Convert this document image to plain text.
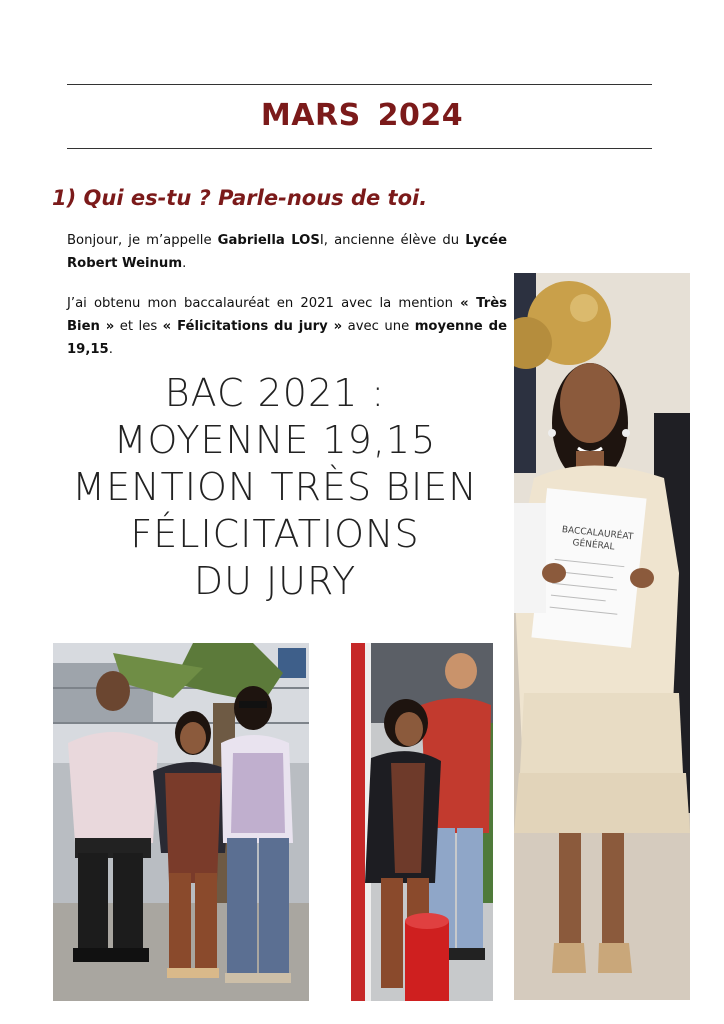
MARS 2024
1) Qui es-tu ? Parle-nous de toi.
Bonjour, je m’appelle Gabriella LOSI, ancienne élève du Lycée Robert Weinum.
J’ai obtenu mon baccalauréat en 2021 avec la mention « Très Bien » et les « Félicitations du jury » avec une moyenne de 19,15.
BAC 2021 :
MOYENNE 19,15
MENTION TRÈS BIEN
FÉLICITATIONS
DU JURY
BACCALAURÉAT
GÉNÉRAL
